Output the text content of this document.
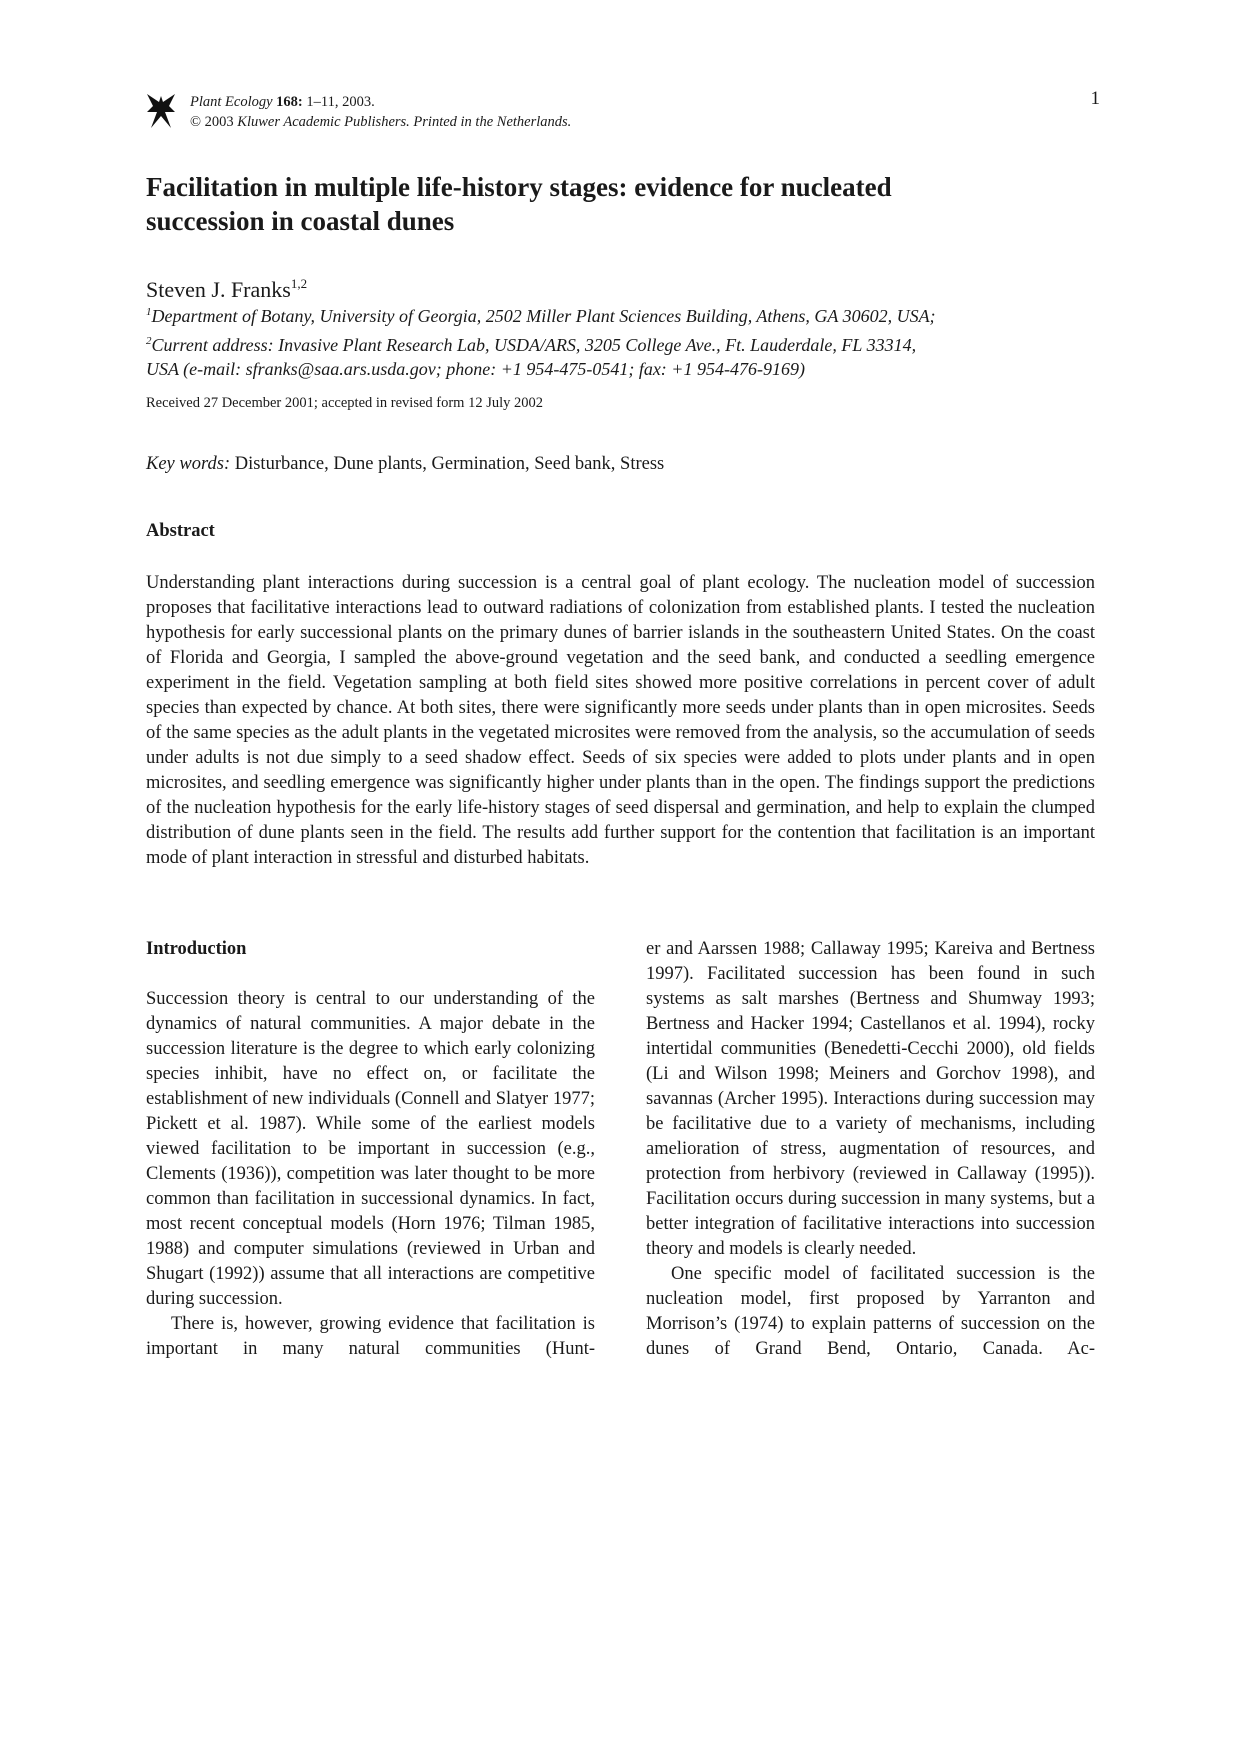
Plant Ecology 168: 1–11, 2003.
© 2003 Kluwer Academic Publishers. Printed in the Netherlands.
1
Facilitation in multiple life-history stages: evidence for nucleated
succession in coastal dunes
Steven J. Franks$^{1,2}$
$^1$Department of Botany, University of Georgia, 2502 Miller Plant Sciences Building, Athens, GA 30602, USA;
$^2$Current address: Invasive Plant Research Lab, USDA/ARS, 3205 College Ave., Ft. Lauderdale, FL 33314,
USA (e-mail: sfranks@saa.ars.usda.gov; phone: +1 954-475-0541; fax: +1 954-476-9169)
Received 27 December 2001; accepted in revised form 12 July 2002
Key words: Disturbance, Dune plants, Germination, Seed bank, Stress
Abstract

Understanding plant interactions during succession is a central goal of plant ecology. The nucleation model of succession proposes that facilitative interactions lead to outward radiations of colonization from established plants. I tested the nucleation hypothesis for early successional plants on the primary dunes of barrier islands in the southeastern United States. On the coast of Florida and Georgia, I sampled the above-ground vegetation and the seed bank, and conducted a seedling emergence experiment in the field. Vegetation sampling at both field sites showed more positive correlations in percent cover of adult species than expected by chance. At both sites, there were significantly more seeds under plants than in open microsites. Seeds of the same species as the adult plants in the vegetated microsites were removed from the analysis, so the accumulation of seeds under adults is not due simply to a seed shadow effect. Seeds of six species were added to plots under plants and in open microsites, and seedling emergence was significantly higher under plants than in the open. The findings support the predictions of the nucleation hypothesis for the early life-history stages of seed dispersal and germination, and help to explain the clumped distribution of dune plants seen in the field. The results add further support for the contention that facilitation is an important mode of plant interaction in stressful and disturbed habitats.

Introduction

Succession theory is central to our understanding of the dynamics of natural communities. A major debate in the succession literature is the degree to which early colonizing species inhibit, have no effect on, or facilitate the establishment of new individuals (Connell and Slatyer 1977; Pickett et al. 1987). While some of the earliest models viewed facilitation to be important in succession (e.g., Clements (1936)), competition was later thought to be more common than facilitation in successional dynamics. In fact, most recent conceptual models (Horn 1976; Tilman 1985, 1988) and computer simulations (reviewed in Urban and Shugart (1992)) assume that all interactions are competitive during succession.

There is, however, growing evidence that facilitation is important in many natural communities (Hunt-

er and Aarssen 1988; Callaway 1995; Kareiva and Bertness 1997). Facilitated succession has been found in such systems as salt marshes (Bertness and Shumway 1993; Bertness and Hacker 1994; Castellanos et al. 1994), rocky intertidal communities (Benedetti-Cecchi 2000), old fields (Li and Wilson 1998; Meiners and Gorchov 1998), and savannas (Archer 1995). Interactions during succession may be facilitative due to a variety of mechanisms, including amelioration of stress, augmentation of resources, and protection from herbivory (reviewed in Callaway (1995)). Facilitation occurs during succession in many systems, but a better integration of facilitative interactions into succession theory and models is clearly needed.

One specific model of facilitated succession is the nucleation model, first proposed by Yarranton and Morrison’s (1974) to explain patterns of succession on the dunes of Grand Bend, Ontario, Canada. Ac-
